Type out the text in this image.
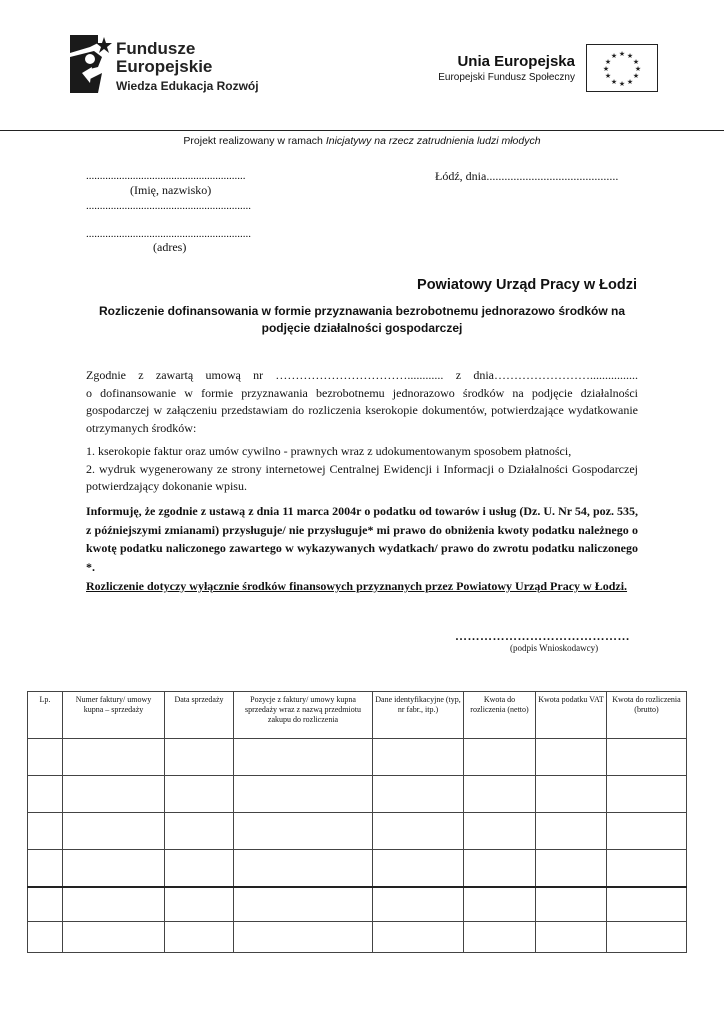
Fundusze
Europejskie
Wiedza Edukacja Rozwój
Unia Europejska
Europejski Fundusz Społeczny
★ ★
★
★
★
★
★
★
★
★
★
★
Projekt realizowany w ramach Inicjatywy na rzecz zatrudnienia ludzi młodych
..........................................................
(Imię, nazwisko)
............................................................
............................................................
(adres)
Łódź, dnia............................................
Powiatowy Urząd Pracy w Łodzi
Rozliczenie dofinansowania w formie przyznawania bezrobotnemu jednorazowo środków na podjęcie działalności gospodarczej
Zgodnie z zawartą umową nr ……………………………............ z dnia……………………................
o dofinansowanie w formie przyznawania bezrobotnemu jednorazowo środków na podjęcie działalności gospodarczej w załączeniu przedstawiam do rozliczenia kserokopie dokumentów, potwierdzające wydatkowanie otrzymanych środków:
1. kserokopie faktur oraz umów cywilno - prawnych wraz z udokumentowanym sposobem płatności,
2. wydruk wygenerowany ze strony internetowej Centralnej Ewidencji i Informacji o Działalności Gospodarczej potwierdzający dokonanie wpisu.
Informuję, że zgodnie z ustawą z dnia 11 marca 2004r o podatku od towarów i usług (Dz. U. Nr 54, poz. 535, z późniejszymi zmianami) przysługuje/ nie przysługuje* mi prawo do obniżenia kwoty podatku należnego o kwotę podatku naliczonego zawartego w wykazywanych wydatkach/ prawo do zwrotu podatku naliczonego *.
Rozliczenie dotyczy wyłącznie środków finansowych przyznanych przez Powiatowy Urząd Pracy w Łodzi.
……………………………………
(podpis Wnioskodawcy)
Lp.	Numer faktury/ umowy kupna – sprzedaży	Data sprzedaży	Pozycje z faktury/ umowy kupna sprzedaży wraz z nazwą przedmiotu zakupu do rozliczenia	Dane identyfikacyjne (typ, nr fabr., itp.)	Kwota do rozliczenia (netto)	Kwota podatku VAT	Kwota do rozliczenia (brutto)
